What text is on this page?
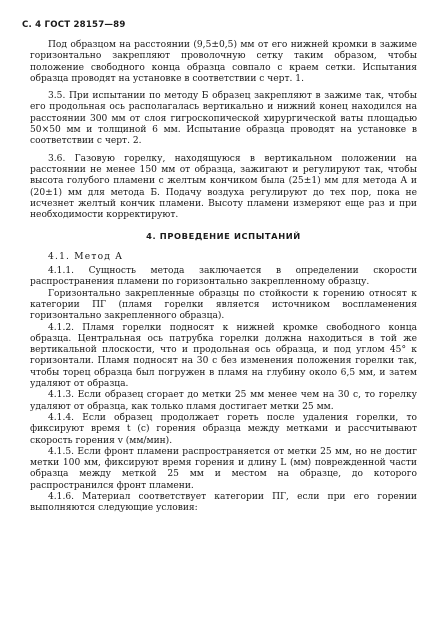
С. 4 ГОСТ 28157—89

Под образцом на расстоянии (9,5±0,5) мм от его нижней кромки в зажиме горизонтально закрепляют проволочную сетку таким образом, чтобы положение свободного конца образца совпало с краем сетки. Испытания образца проводят на установке в соответствии с черт. 1.

3.5. При испытании по методу Б образец закрепляют в зажиме так, чтобы его продольная ось располагалась вертикально и нижний конец находился на расстоянии 300 мм от слоя гигроскопической хирургической ваты площадью 50×50 мм и толщиной 6 мм. Испытание образца проводят на установке в соответствии с черт. 2.

3.6. Газовую горелку, находящуюся в вертикальном положении на расстоянии не менее 150 мм от образца, зажигают и регулируют так, чтобы высота голубого пламени с желтым кончиком была (25±1) мм для метода А и (20±1) мм для метода Б. Подачу воздуха регулируют до тех пор, пока не исчезнет желтый кончик пламени. Высоту пламени измеряют еще раз и при необходимости корректируют.

4. ПРОВЕДЕНИЕ ИСПЫТАНИЙ
4.1. Метод А

4.1.1. Сущность метода заключается в определении скорости распространения пламени по горизонтально закрепленному образцу.

Горизонтально закрепленные образцы по стойкости к горению относят к категории ПГ (пламя горелки является источником воспламенения горизонтально закрепленного образца).

4.1.2. Пламя горелки подносят к нижней кромке свободного конца образца. Центральная ось патрубка горелки должна находиться в той же вертикальной плоскости, что и продольная ось образца, и под углом 45° к горизонтали. Пламя подносят на 30 с без изменения положения горелки так, чтобы торец образца был погружен в пламя на глубину около 6,5 мм, и затем удаляют от образца.

4.1.3. Если образец сгорает до метки 25 мм менее чем на 30 с, то горелку удаляют от образца, как только пламя достигает метки 25 мм.

4.1.4. Если образец продолжает гореть после удаления горелки, то фиксируют время t (с) горения образца между метками и рассчитывают скорость горения v (мм/мин).

4.1.5. Если фронт пламени распространяется от метки 25 мм, но не достиг метки 100 мм, фиксируют время горения и длину L (мм) поврежденной части образца между меткой 25 мм и местом на образце, до которого распространился фронт пламени.

4.1.6. Материал соответствует категории ПГ, если при его горении выполняются следующие условия:
